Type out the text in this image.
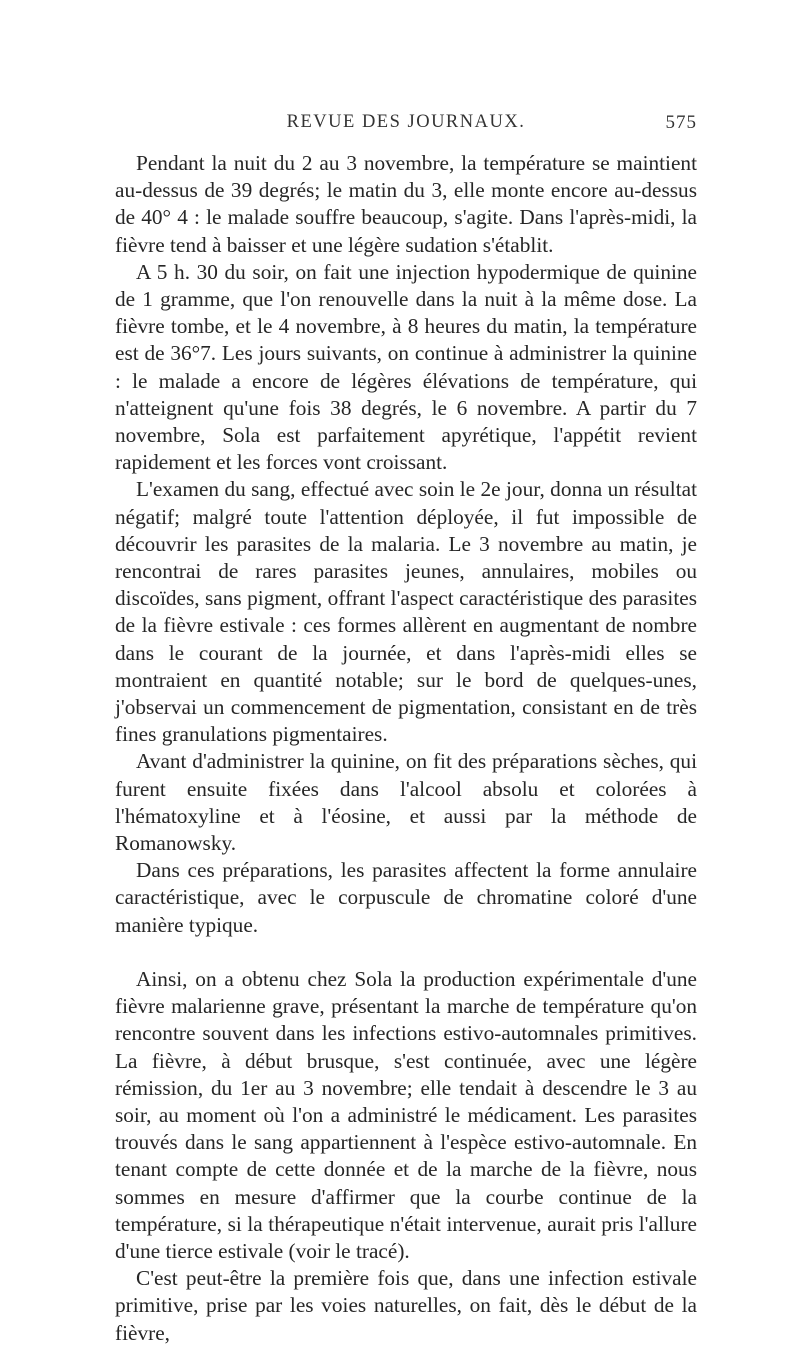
REVUE DES JOURNAUX.	575

Pendant la nuit du 2 au 3 novembre, la température se maintient au-dessus de 39 degrés; le matin du 3, elle monte encore au-dessus de 40° 4 : le malade souffre beaucoup, s'agite. Dans l'après-midi, la fièvre tend à baisser et une légère sudation s'établit.

A 5 h. 30 du soir, on fait une injection hypodermique de quinine de 1 gramme, que l'on renouvelle dans la nuit à la même dose. La fièvre tombe, et le 4 novembre, à 8 heures du matin, la température est de 36°7. Les jours suivants, on continue à administrer la quinine : le malade a encore de légères élévations de température, qui n'atteignent qu'une fois 38 degrés, le 6 novembre. A partir du 7 novembre, Sola est parfaitement apyrétique, l'appétit revient rapidement et les forces vont croissant.

L'examen du sang, effectué avec soin le 2e jour, donna un résultat négatif; malgré toute l'attention déployée, il fut impossible de découvrir les parasites de la malaria. Le 3 novembre au matin, je rencontrai de rares parasites jeunes, annulaires, mobiles ou discoïdes, sans pigment, offrant l'aspect caractéristique des parasites de la fièvre estivale : ces formes allèrent en augmentant de nombre dans le courant de la journée, et dans l'après-midi elles se montraient en quantité notable; sur le bord de quelques-unes, j'observai un commencement de pigmentation, consistant en de très fines granulations pigmentaires.

Avant d'administrer la quinine, on fit des préparations sèches, qui furent ensuite fixées dans l'alcool absolu et colorées à l'hématoxyline et à l'éosine, et aussi par la méthode de Romanowsky.

Dans ces préparations, les parasites affectent la forme annulaire caractéristique, avec le corpuscule de chromatine coloré d'une manière typique.

Ainsi, on a obtenu chez Sola la production expérimentale d'une fièvre malarienne grave, présentant la marche de température qu'on rencontre souvent dans les infections estivo-automnales primitives. La fièvre, à début brusque, s'est continuée, avec une légère rémission, du 1er au 3 novembre; elle tendait à descendre le 3 au soir, au moment où l'on a administré le médicament. Les parasites trouvés dans le sang appartiennent à l'espèce estivo-automnale. En tenant compte de cette donnée et de la marche de la fièvre, nous sommes en mesure d'affirmer que la courbe continue de la température, si la thérapeutique n'était intervenue, aurait pris l'allure d'une tierce estivale (voir le tracé).

C'est peut-être la première fois que, dans une infection estivale primitive, prise par les voies naturelles, on fait, dès le début de la fièvre,
